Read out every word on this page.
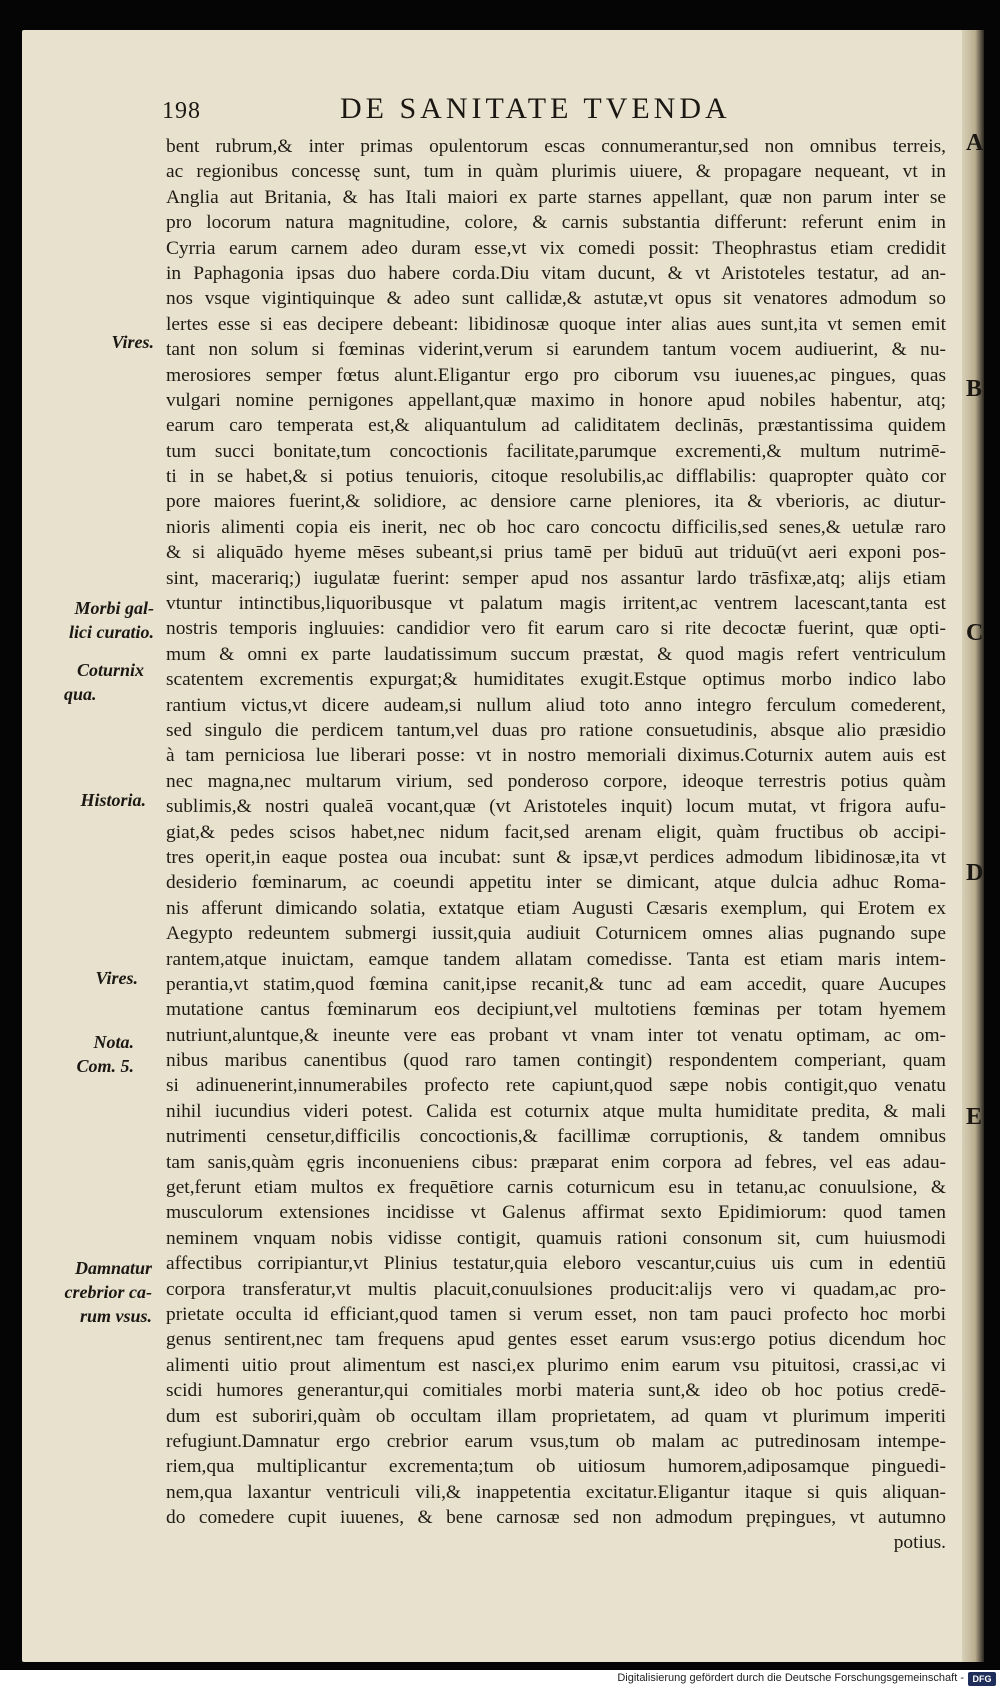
198	DE SANITATE TVENDA
bent rubrum,& inter primas opulentorum escas connumerantur,sed non omnibus terreis,
ac regionibus concessę sunt, tum in quàm plurimis uiuere, & propagare nequeant, vt in
Anglia aut Britania, & has Itali maiori ex parte starnes appellant, quæ non parum inter se
pro locorum natura magnitudine, colore, & carnis substantia differunt: referunt enim in
Cyrria earum carnem adeo duram esse,vt vix comedi possit: Theophrastus etiam credidit
in Paphagonia ipsas duo habere corda.Diu vitam ducunt, & vt Aristoteles testatur, ad an-
nos vsque vigintiquinque & adeo sunt callidæ,& astutæ,vt opus sit venatores admodum so
lertes esse si eas decipere debeant: libidinosæ quoque inter alias aues sunt,ita vt semen emit
tant non solum si fœminas viderint,verum si earundem tantum vocem audiuerint, & nu-
merosiores semper fœtus alunt.Eligantur ergo pro ciborum vsu iuuenes,ac pingues, quas
vulgari nomine pernigones appellant,quæ maximo in honore apud nobiles habentur, atq;
earum caro temperata est,& aliquantulum ad caliditatem declinās, præstantissima quidem
tum succi bonitate,tum concoctionis facilitate,parumque excrementi,& multum nutrimē-
ti in se habet,& si potius tenuioris, citoque resolubilis,ac difflabilis: quapropter quàto cor
pore maiores fuerint,& solidiore, ac densiore carne pleniores, ita & vberioris, ac diutur-
nioris alimenti copia eis inerit, nec ob hoc caro concoctu difficilis,sed senes,& uetulæ raro
& si aliquādo hyeme mēses subeant,si prius tamē per biduū aut triduū(vt aeri exponi pos-
sint, macerariq;) iugulatæ fuerint: semper apud nos assantur lardo trāsfixæ,atq; alijs etiam
vtuntur intinctibus,liquoribusque vt palatum magis irritent,ac ventrem lacescant,tanta est
nostris temporis ingluuies: candidior vero fit earum caro si rite decoctæ fuerint, quæ opti-
mum & omni ex parte laudatissimum succum præstat, & quod magis refert ventriculum
scatentem excrementis expurgat;& humiditates exugit.Estque optimus morbo indico labo
rantium victus,vt dicere audeam,si nullum aliud toto anno integro ferculum comederent,
sed singulo die perdicem tantum,vel duas pro ratione consuetudinis, absque alio præsidio
à tam perniciosa lue liberari posse: vt in nostro memoriali diximus.Coturnix autem auis est
nec magna,nec multarum virium, sed ponderoso corpore, ideoque terrestris potius quàm
sublimis,& nostri qualeā vocant,quæ (vt Aristoteles inquit) locum mutat, vt frigora aufu-
giat,& pedes scisos habet,nec nidum facit,sed arenam eligit, quàm fructibus ob accipi-
tres operit,in eaque postea oua incubat: sunt & ipsæ,vt perdices admodum libidinosæ,ita vt
desiderio fœminarum, ac coeundi appetitu inter se dimicant, atque dulcia adhuc Roma-
nis afferunt dimicando solatia, extatque etiam Augusti Cæsaris exemplum, qui Erotem ex
Aegypto redeuntem submergi iussit,quia audiuit Coturnicem omnes alias pugnando supe
rantem,atque inuictam, eamque tandem allatam comedisse. Tanta est etiam maris intem-
perantia,vt statim,quod fœmina canit,ipse recanit,& tunc ad eam accedit, quare Aucupes
mutatione cantus fœminarum eos decipiunt,vel multotiens fœminas per totam hyemem
nutriunt,aluntque,& ineunte vere eas probant vt vnam inter tot venatu optimam, ac om-
nibus maribus canentibus (quod raro tamen contingit) respondentem comperiant, quam
si adinuenerint,innumerabiles profecto rete capiunt,quod sæpe nobis contigit,quo venatu
nihil iucundius videri potest. Calida est coturnix atque multa humiditate predita, & mali
nutrimenti censetur,difficilis concoctionis,& facillimæ corruptionis, & tandem omnibus
tam sanis,quàm ęgris inconueniens cibus: præparat enim corpora ad febres, vel eas adau-
get,ferunt etiam multos ex frequētiore carnis coturnicum esu in tetanu,ac conuulsione, &
musculorum extensiones incidisse vt Galenus affirmat sexto Epidimiorum: quod tamen
neminem vnquam nobis vidisse contigit, quamuis rationi consonum sit, cum huiusmodi
affectibus corripiantur,vt Plinius testatur,quia eleboro vescantur,cuius uis cum in edentiū
corpora transferatur,vt multis placuit,conuulsiones producit:alijs vero vi quadam,ac pro-
prietate occulta id efficiant,quod tamen si verum esset, non tam pauci profecto hoc morbi
genus sentirent,nec tam frequens apud gentes esset earum vsus:ergo potius dicendum hoc
alimenti uitio prout alimentum est nasci,ex plurimo enim earum vsu pituitosi, crassi,ac vi
scidi humores generantur,qui comitiales morbi materia sunt,& ideo ob hoc potius credē-
dum est suboriri,quàm ob occultam illam proprietatem, ad quam vt plurimum imperiti
refugiunt.Damnatur ergo crebrior earum vsus,tum ob malam ac putredinosam intempe-
riem,qua multiplicantur excrementa;tum ob uitiosum humorem,adiposamque pinguedi-
nem,qua laxantur ventriculi vili,& inappetentia excitatur.Eligantur itaque si quis aliquan-
do comedere cupit iuuenes, & bene carnosæ sed non admodum prępingues, vt autumno
potius.
Vires.
Morbi gal-
lici curatio.
Coturnix
qua.
Historia.
Vires.
Nota.
Com. 5.
Damnatur
crebrior ca-
rum vsus.
A
B
C
D
E
Digitalisierung gefördert durch die Deutsche Forschungsgemeinschaft - DFG
